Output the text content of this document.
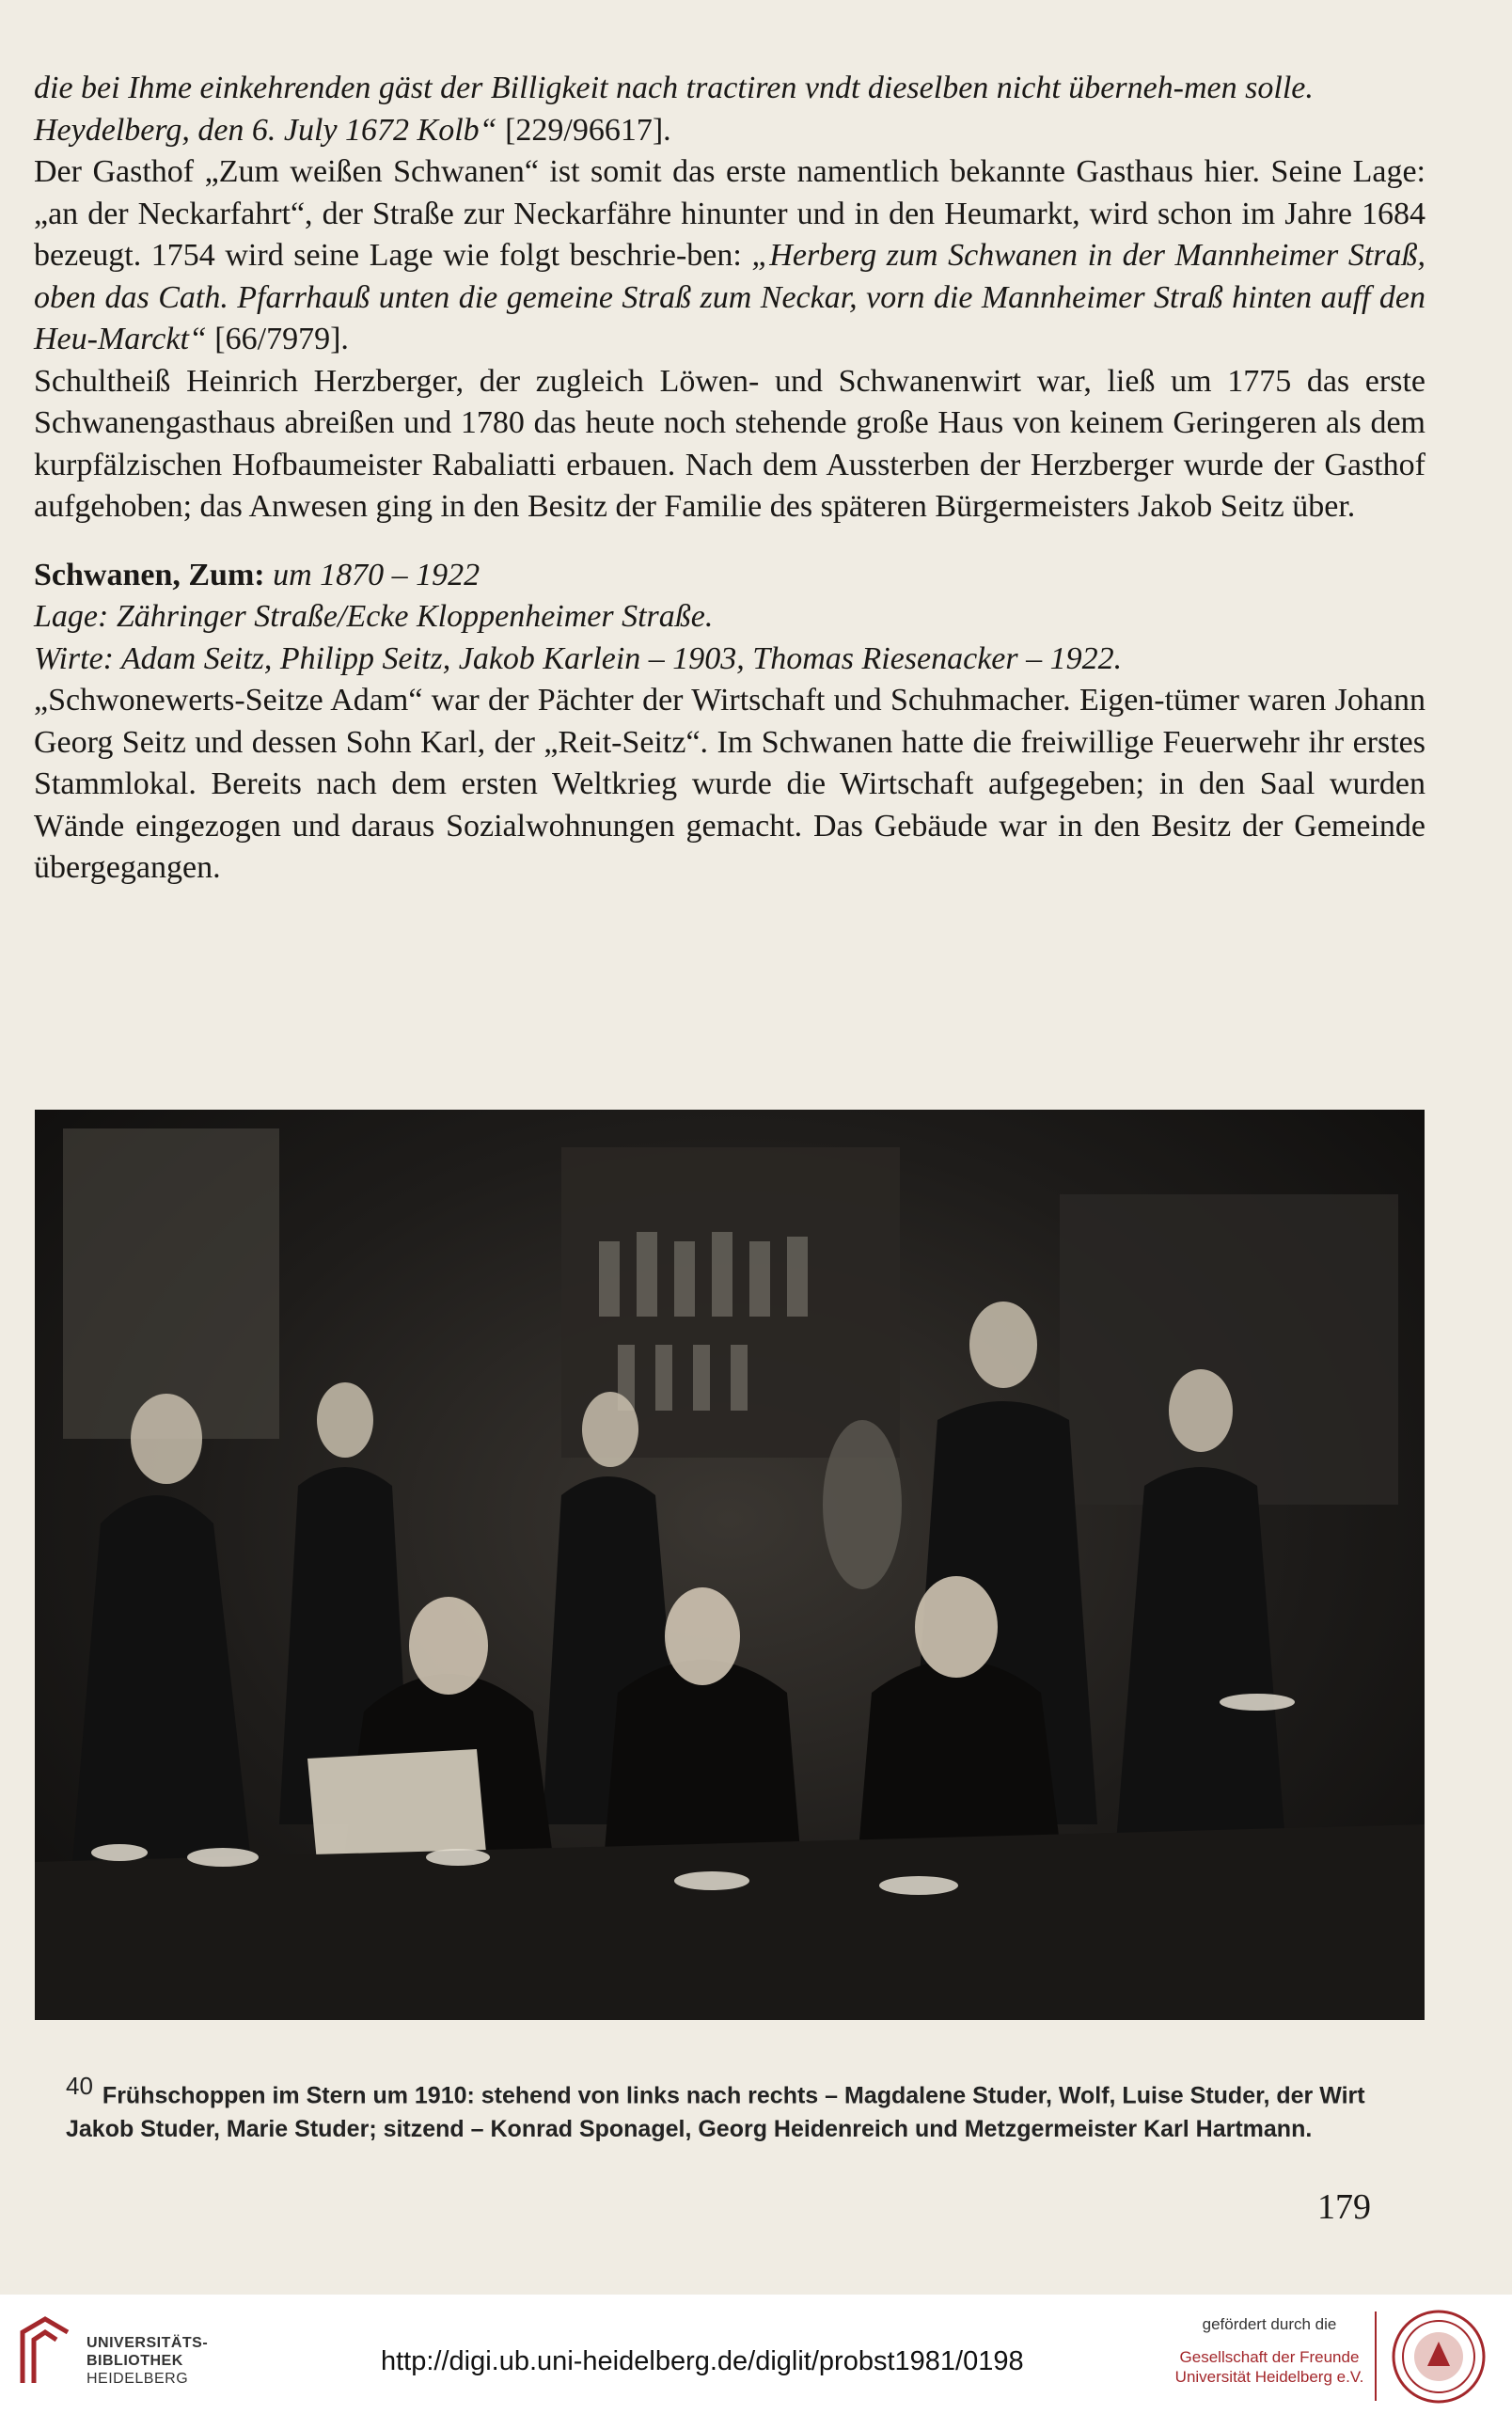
die bei Ihme einkehrenden gäst der Billigkeit nach tractiren vndt dieselben nicht überneh-men solle.

Heydelberg, den 6. July 1672 Kolb“ [229/96617].

Der Gasthof „Zum weißen Schwanen“ ist somit das erste namentlich bekannte Gasthaus hier. Seine Lage: „an der Neckarfahrt“, der Straße zur Neckarfähre hinunter und in den Heumarkt, wird schon im Jahre 1684 bezeugt. 1754 wird seine Lage wie folgt beschrie-ben: „Herberg zum Schwanen in der Mannheimer Straß, oben das Cath. Pfarrhauß unten die gemeine Straß zum Neckar, vorn die Mannheimer Straß hinten auff den Heu-Marckt“ [66/7979].

Schultheiß Heinrich Herzberger, der zugleich Löwen- und Schwanenwirt war, ließ um 1775 das erste Schwanengasthaus abreißen und 1780 das heute noch stehende große Haus von keinem Geringeren als dem kurpfälzischen Hofbaumeister Rabaliatti erbauen. Nach dem Aussterben der Herzberger wurde der Gasthof aufgehoben; das Anwesen ging in den Besitz der Familie des späteren Bürgermeisters Jakob Seitz über.

Schwanen, Zum: um 1870 – 1922

Lage: Zähringer Straße/Ecke Kloppenheimer Straße.

Wirte: Adam Seitz, Philipp Seitz, Jakob Karlein – 1903, Thomas Riesenacker – 1922.

„Schwonewerts-Seitze Adam“ war der Pächter der Wirtschaft und Schuhmacher. Eigen-tümer waren Johann Georg Seitz und dessen Sohn Karl, der „Reit-Seitz“. Im Schwanen hatte die freiwillige Feuerwehr ihr erstes Stammlokal. Bereits nach dem ersten Weltkrieg wurde die Wirtschaft aufgegeben; in den Saal wurden Wände eingezogen und daraus Sozialwohnungen gemacht. Das Gebäude war in den Besitz der Gemeinde übergegangen.

40 Frühschoppen im Stern um 1910: stehend von links nach rechts – Magdalene Studer, Wolf, Luise Studer, der Wirt Jakob Studer, Marie Studer; sitzend – Konrad Sponagel, Georg Heidenreich und Metzgermeister Karl Hartmann.
179
UNIVERSITÄTS-
BIBLIOTHEK
HEIDELBERG
http://digi.ub.uni-heidelberg.de/diglit/probst1981/0198
gefördert durch die
Gesellschaft der Freunde
Universität Heidelberg e.V.
